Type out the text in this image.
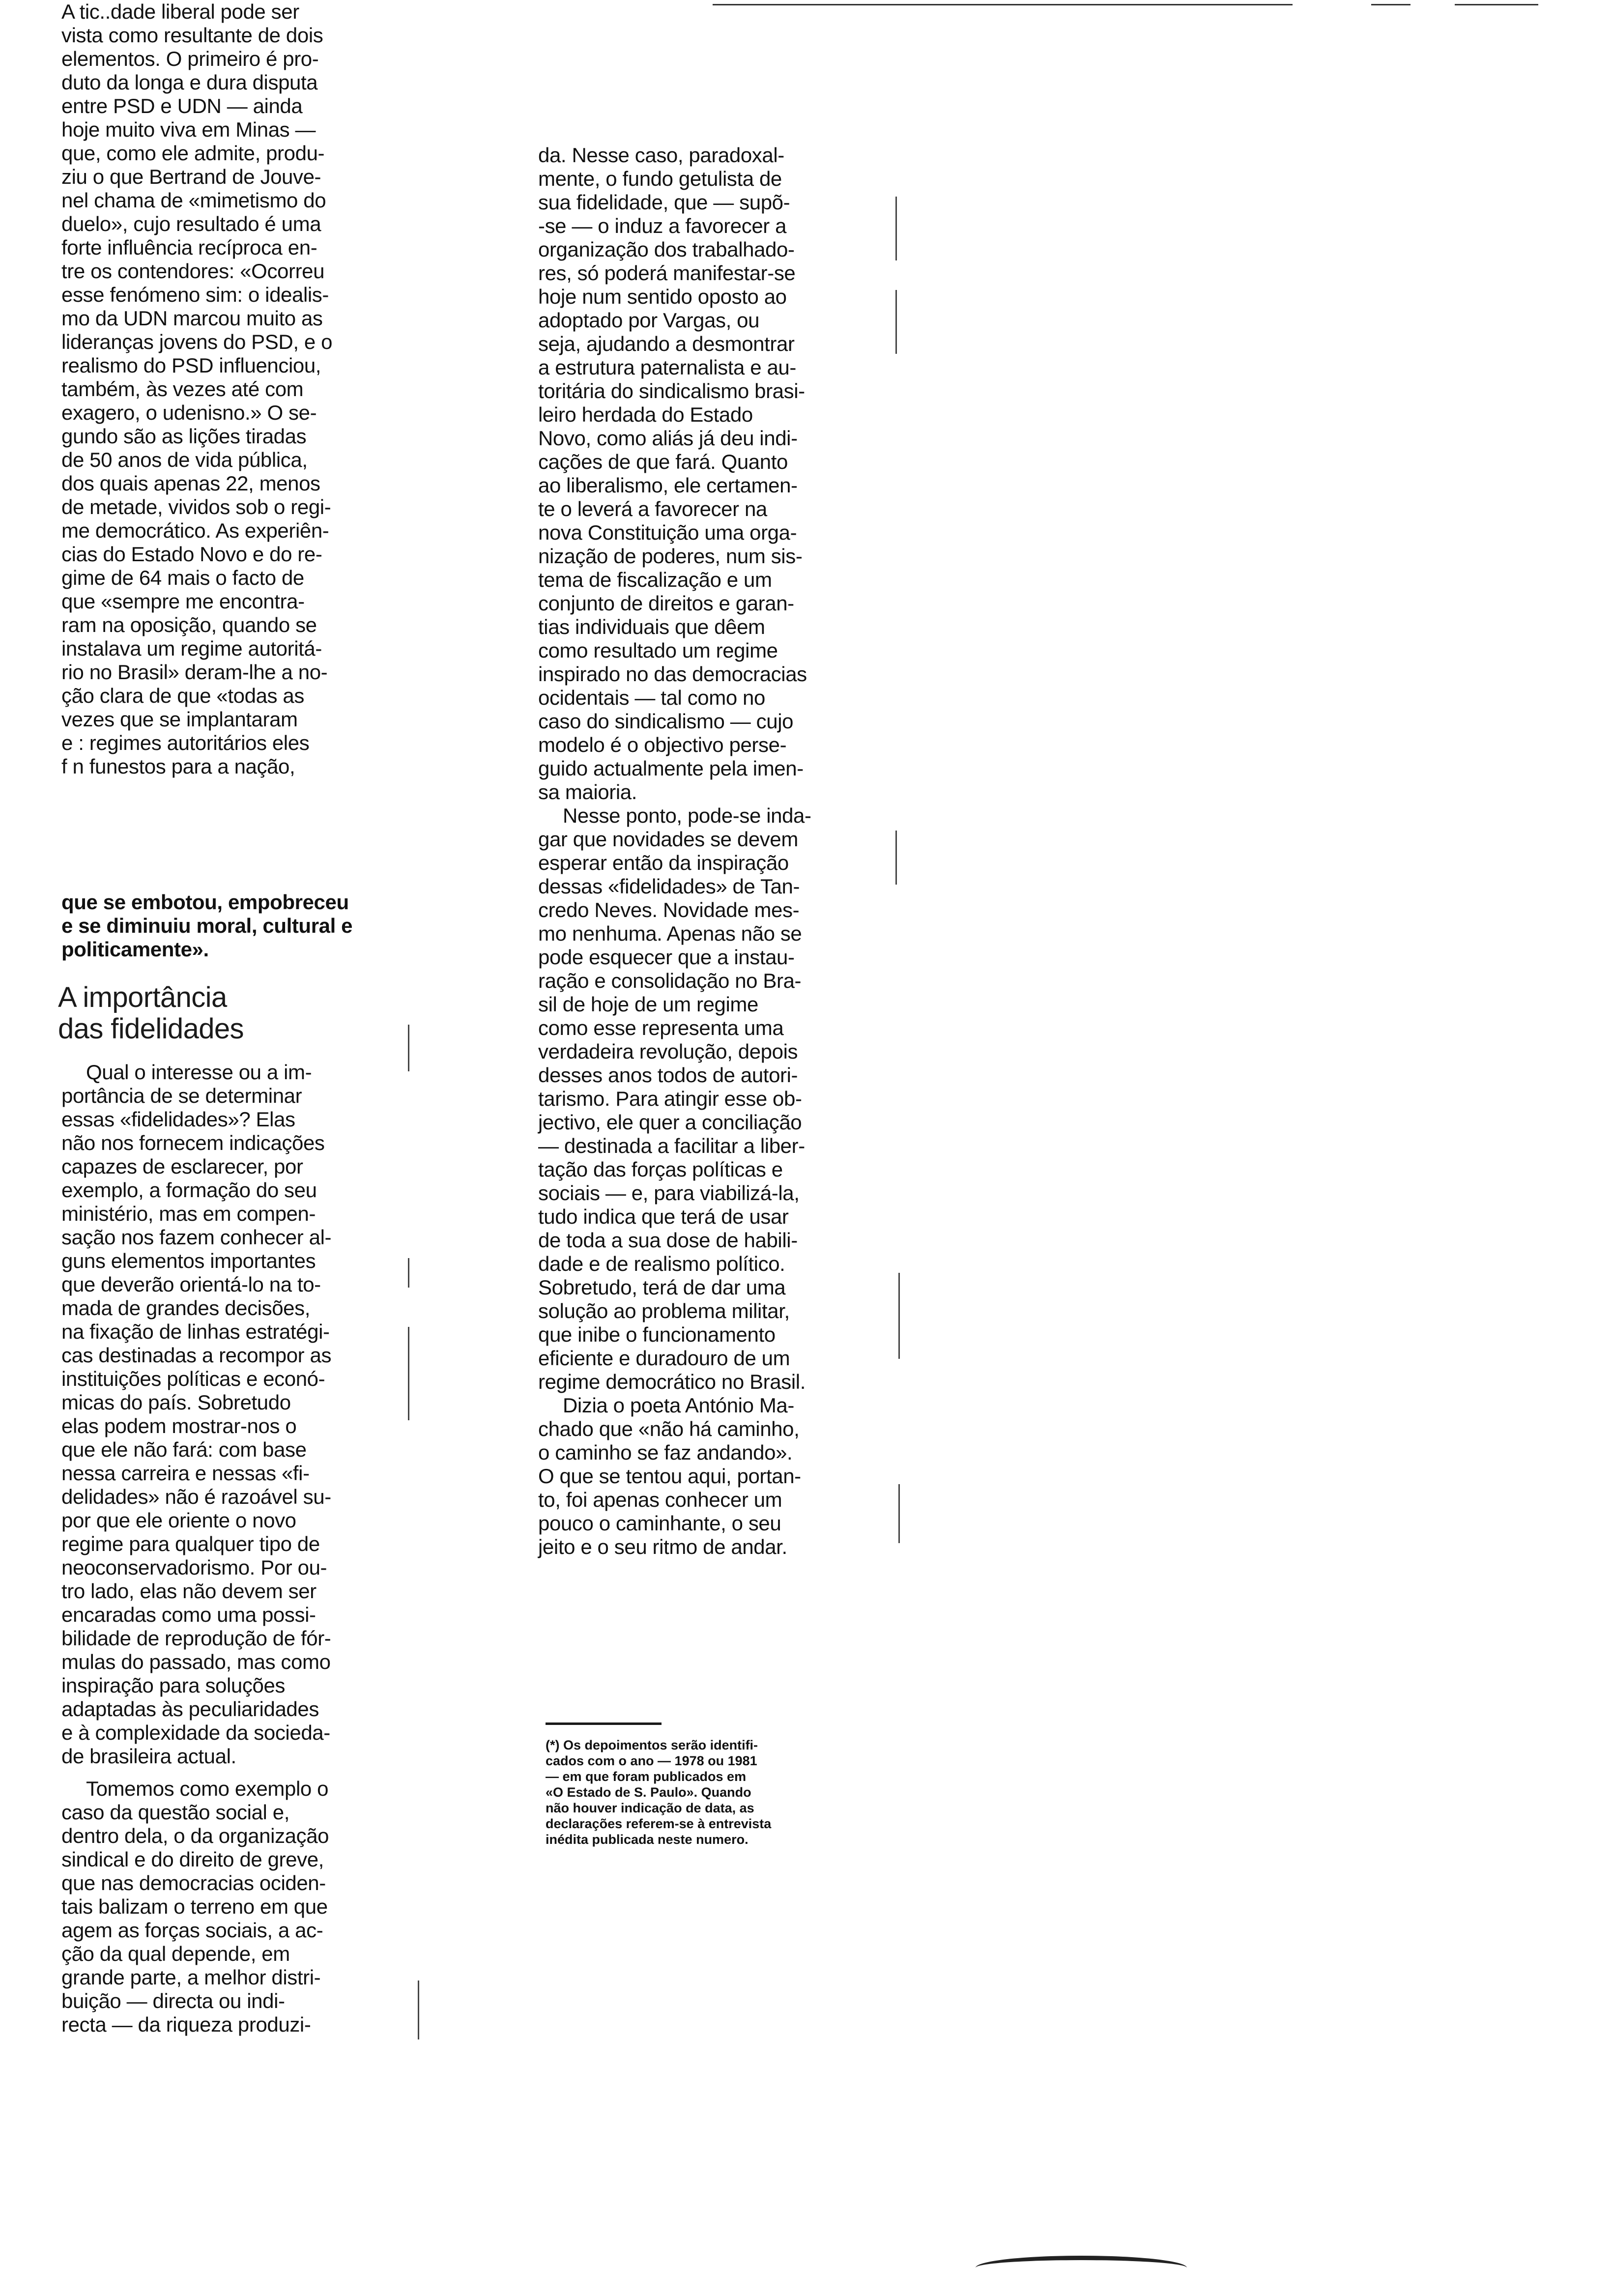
A tic..dade liberal pode ser

vista como resultante de dois

elementos. O primeiro é pro-

duto da longa e dura disputa

entre PSD e UDN — ainda

hoje muito viva em Minas —

que, como ele admite, produ-

ziu o que Bertrand de Jouve-

nel chama de «mimetismo do

duelo», cujo resultado é uma

forte influência recíproca en-

tre os contendores: «Ocorreu

esse fenómeno sim: o idealis-

mo da UDN marcou muito as

lideranças jovens do PSD, e o

realismo do PSD influenciou,

também, às vezes até com

exagero, o udenisno.» O se-

gundo são as lições tiradas

de 50 anos de vida pública,

dos quais apenas 22, menos

de metade, vividos sob o regi-

me democrático. As experiên-

cias do Estado Novo e do re-

gime de 64 mais o facto de

que «sempre me encontra-

ram na oposição, quando se

instalava um regime autoritá-

rio no Brasil» deram-lhe a no-

ção clara de que «todas as

vezes que se implantaram

e : regimes autoritários eles

f n funestos para a nação,

que se embotou, empobreceu

e se diminuiu moral, cultural e

politicamente».

A importância
das fidelidades

Qual o interesse ou a im-

portância de se determinar

essas «fidelidades»? Elas

não nos fornecem indicações

capazes de esclarecer, por

exemplo, a formação do seu

ministério, mas em compen-

sação nos fazem conhecer al-

guns elementos importantes

que deverão orientá-lo na to-

mada de grandes decisões,

na fixação de linhas estratégi-

cas destinadas a recompor as

instituições políticas e econó-

micas do país. Sobretudo

elas podem mostrar-nos o

que ele não fará: com base

nessa carreira e nessas «fi-

delidades» não é razoável su-

por que ele oriente o novo

regime para qualquer tipo de

neoconservadorismo. Por ou-

tro lado, elas não devem ser

encaradas como uma possi-

bilidade de reprodução de fór-

mulas do passado, mas como

inspiração para soluções

adaptadas às peculiaridades

e à complexidade da socieda-

de brasileira actual.

Tomemos como exemplo o

caso da questão social e,

dentro dela, o da organização

sindical e do direito de greve,

que nas democracias ociden-

tais balizam o terreno em que

agem as forças sociais, a ac-

ção da qual depende, em

grande parte, a melhor distri-

buição — directa ou indi-

recta — da riqueza produzi-

da. Nesse caso, paradoxal-

mente, o fundo getulista de

sua fidelidade, que — supõ-

-se — o induz a favorecer a

organização dos trabalhado-

res, só poderá manifestar-se

hoje num sentido oposto ao

adoptado por Vargas, ou

seja, ajudando a desmontrar

a estrutura paternalista e au-

toritária do sindicalismo brasi-

leiro herdada do Estado

Novo, como aliás já deu indi-

cações de que fará. Quanto

ao liberalismo, ele certamen-

te o leverá a favorecer na

nova Constituição uma orga-

nização de poderes, num sis-

tema de fiscalização e um

conjunto de direitos e garan-

tias individuais que dêem

como resultado um regime

inspirado no das democracias

ocidentais — tal como no

caso do sindicalismo — cujo

modelo é o objectivo perse-

guido actualmente pela imen-

sa maioria.

Nesse ponto, pode-se inda-

gar que novidades se devem

esperar então da inspiração

dessas «fidelidades» de Tan-

credo Neves. Novidade mes-

mo nenhuma. Apenas não se

pode esquecer que a instau-

ração e consolidação no Bra-

sil de hoje de um regime

como esse representa uma

verdadeira revolução, depois

desses anos todos de autori-

tarismo. Para atingir esse ob-

jectivo, ele quer a conciliação

— destinada a facilitar a liber-

tação das forças políticas e

sociais — e, para viabilizá-la,

tudo indica que terá de usar

de toda a sua dose de habili-

dade e de realismo político.

Sobretudo, terá de dar uma

solução ao problema militar,

que inibe o funcionamento

eficiente e duradouro de um

regime democrático no Brasil.

Dizia o poeta António Ma-

chado que «não há caminho,

o caminho se faz andando».

O que se tentou aqui, portan-

to, foi apenas conhecer um

pouco o caminhante, o seu

jeito e o seu ritmo de andar.

(*) Os depoimentos serão identifi-

cados com o ano — 1978 ou 1981

— em que foram publicados em

«O Estado de S. Paulo». Quando

não houver indicação de data, as

declarações referem-se à entrevista

inédita publicada neste numero.
